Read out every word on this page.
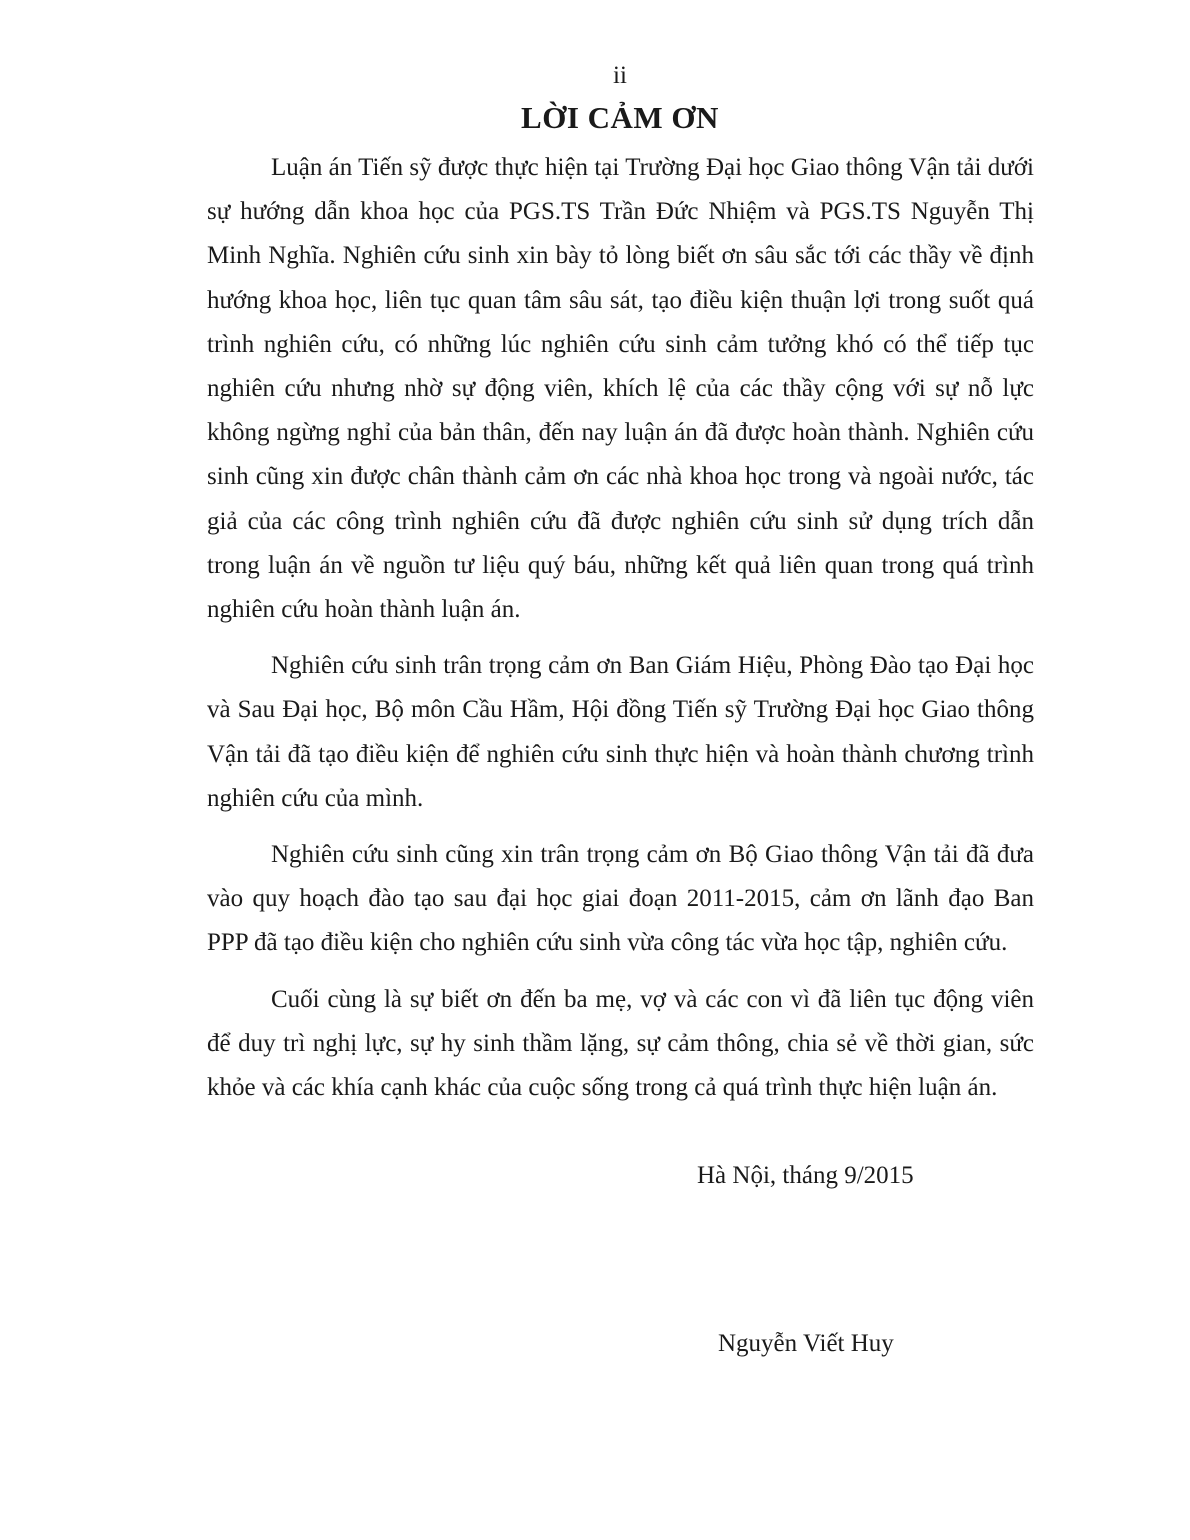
ii
LỜI CẢM ƠN

Luận án Tiến sỹ được thực hiện tại Trường Đại học Giao thông Vận tải dưới sự hướng dẫn khoa học của PGS.TS Trần Đức Nhiệm và PGS.TS Nguyễn Thị Minh Nghĩa. Nghiên cứu sinh xin bày tỏ lòng biết ơn sâu sắc tới các thầy về định hướng khoa học, liên tục quan tâm sâu sát, tạo điều kiện thuận lợi trong suốt quá trình nghiên cứu, có những lúc nghiên cứu sinh cảm tưởng khó có thể tiếp tục nghiên cứu nhưng nhờ sự động viên, khích lệ của các thầy cộng với sự nỗ lực không ngừng nghỉ của bản thân, đến nay luận án đã được hoàn thành. Nghiên cứu sinh cũng xin được chân thành cảm ơn các nhà khoa học trong và ngoài nước, tác giả của các công trình nghiên cứu đã được nghiên cứu sinh sử dụng trích dẫn trong luận án về nguồn tư liệu quý báu, những kết quả liên quan trong quá trình nghiên cứu hoàn thành luận án.

Nghiên cứu sinh trân trọng cảm ơn Ban Giám Hiệu, Phòng Đào tạo Đại học và Sau Đại học, Bộ môn Cầu Hầm, Hội đồng Tiến sỹ Trường Đại học Giao thông Vận tải đã tạo điều kiện để nghiên cứu sinh thực hiện và hoàn thành chương trình nghiên cứu của mình.

Nghiên cứu sinh cũng xin trân trọng cảm ơn Bộ Giao thông Vận tải đã đưa vào quy hoạch đào tạo sau đại học giai đoạn 2011-2015, cảm ơn lãnh đạo Ban PPP đã tạo điều kiện cho nghiên cứu sinh vừa công tác vừa học tập, nghiên cứu.

Cuối cùng là sự biết ơn đến ba mẹ, vợ và các con vì đã liên tục động viên để duy trì nghị lực, sự hy sinh thầm lặng, sự cảm thông, chia sẻ về thời gian, sức khỏe và các khía cạnh khác của cuộc sống trong cả quá trình thực hiện luận án.

Hà Nội, tháng 9/2015
Nguyễn Viết Huy
